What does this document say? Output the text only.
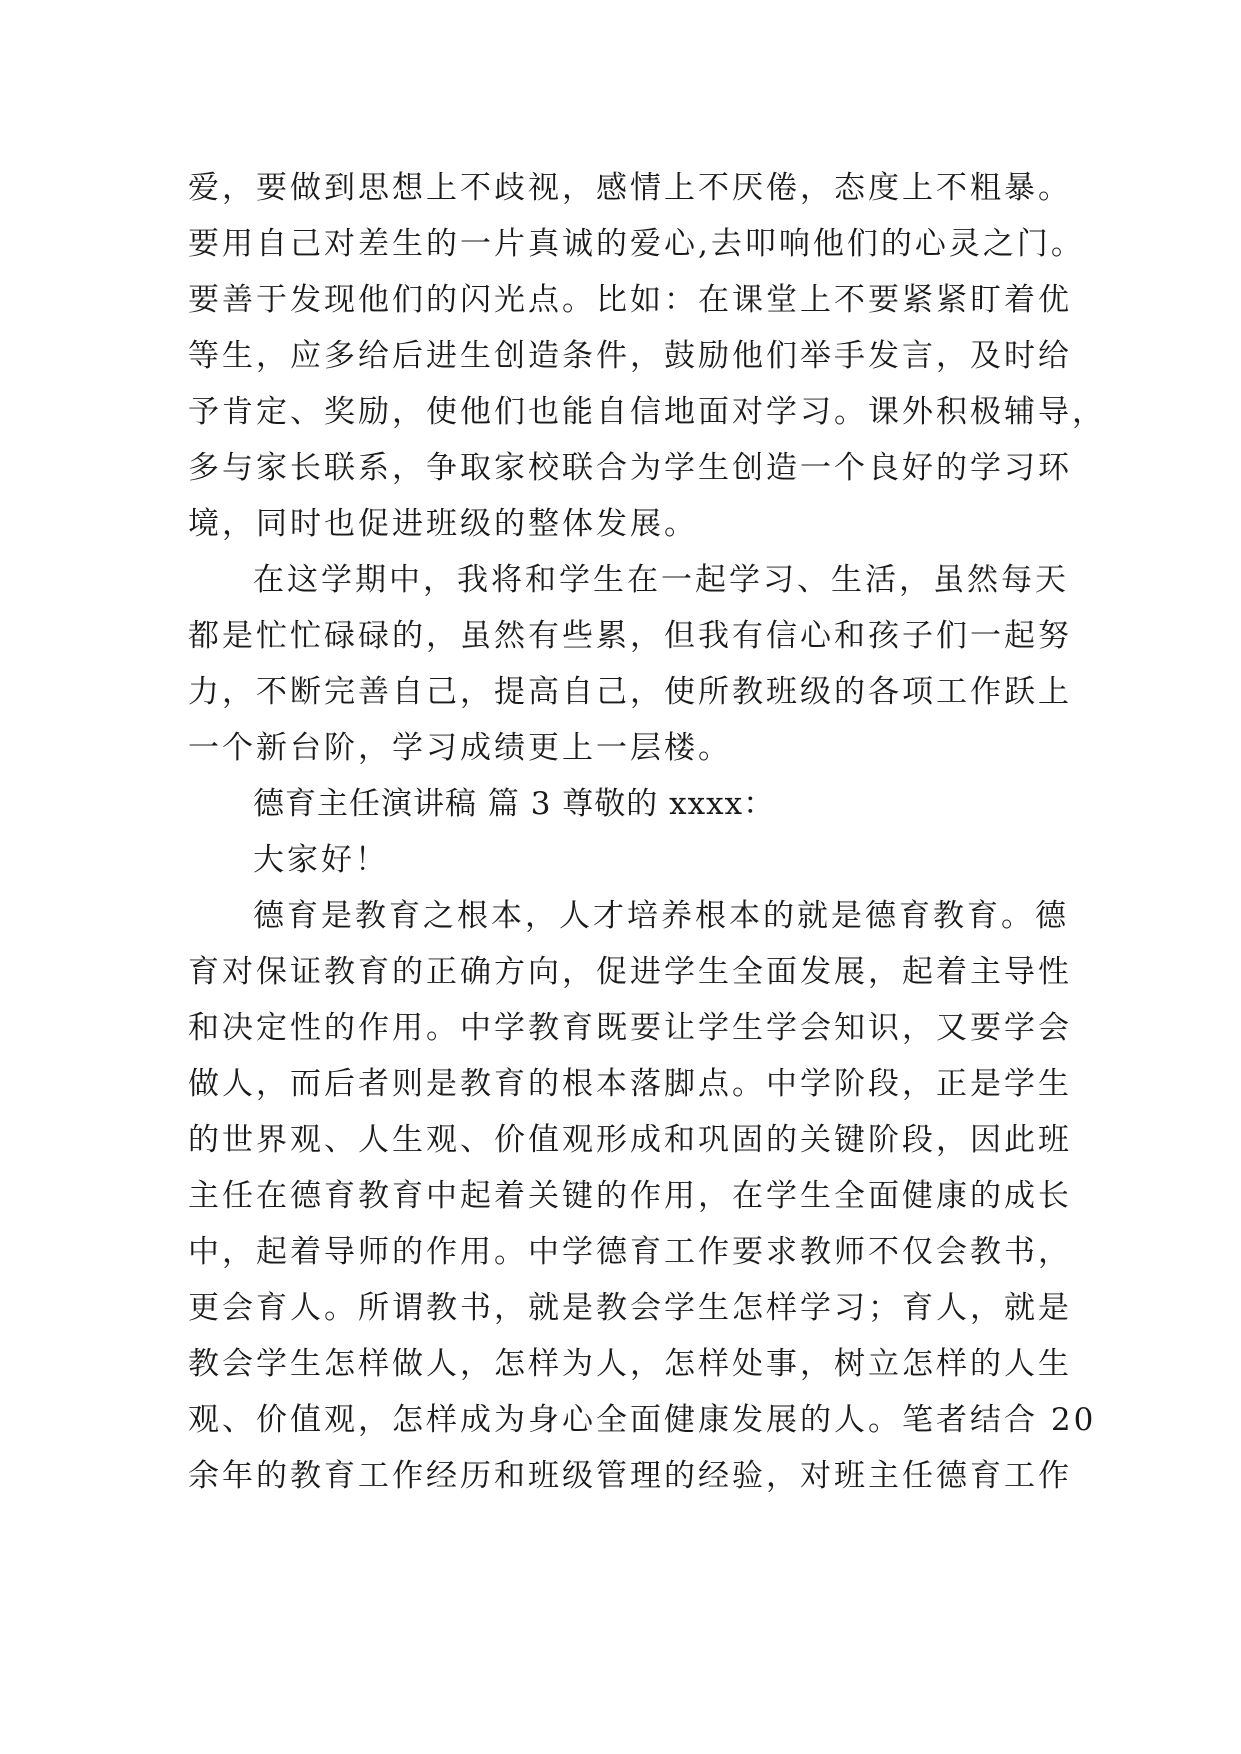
爱，要做到思想上不歧视，感情上不厌倦，态度上不粗暴。
要用自己对差生的一片真诚的爱心,去叩响他们的心灵之门。
要善于发现他们的闪光点。比如：在课堂上不要紧紧盯着优
等生，应多给后进生创造条件，鼓励他们举手发言，及时给
予肯定、奖励，使他们也能自信地面对学习。课外积极辅导，
多与家长联系，争取家校联合为学生创造一个良好的学习环
境，同时也促进班级的整体发展。
在这学期中，我将和学生在一起学习、生活，虽然每天
都是忙忙碌碌的，虽然有些累，但我有信心和孩子们一起努
力，不断完善自己，提高自己，使所教班级的各项工作跃上
一个新台阶，学习成绩更上一层楼。
德育主任演讲稿 篇 3 尊敬的 xxxx：
大家好！
德育是教育之根本，人才培养根本的就是德育教育。德
育对保证教育的正确方向，促进学生全面发展，起着主导性
和决定性的作用。中学教育既要让学生学会知识，又要学会
做人，而后者则是教育的根本落脚点。中学阶段，正是学生
的世界观、人生观、价值观形成和巩固的关键阶段，因此班
主任在德育教育中起着关键的作用，在学生全面健康的成长
中，起着导师的作用。中学德育工作要求教师不仅会教书，
更会育人。所谓教书，就是教会学生怎样学习；育人，就是
教会学生怎样做人，怎样为人，怎样处事，树立怎样的人生
观、价值观，怎样成为身心全面健康发展的人。笔者结合 20
余年的教育工作经历和班级管理的经验，对班主任德育工作
